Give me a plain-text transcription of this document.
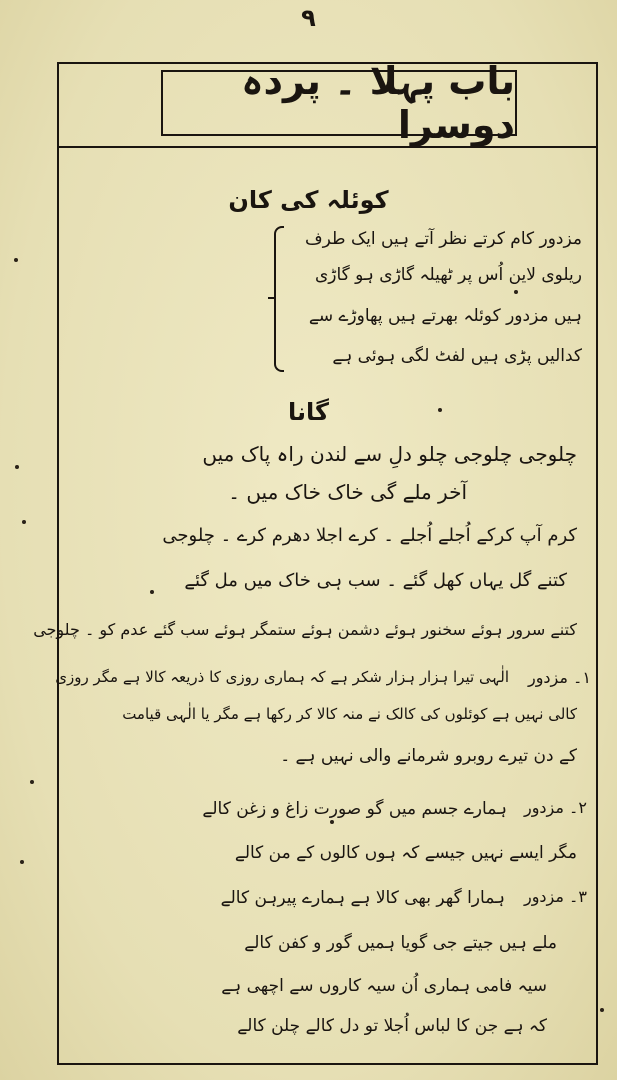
۹
باب پہلا ۔ پردہ دوسرا
کوئلہ کی کان
مزدور کام کرتے نظر آتے ہیں ایک طرف
ریلوی لاین اُس پر ٹھیلہ گاڑی ہو گاڑی
ہیں مزدور کوئلہ بھرتے ہیں پھاوڑے سے
کدالیں پڑی ہیں لفٹ لگی ہوئی ہے
گانا
چلوجی چلوجی چلو دلِ سے لندن راہ پاک میں
آخر ملے گی خاک خاک میں ۔
کرم آپ کرکے اُجلے اُجلے ۔ کرے اجلا دھرم کرے ۔ چلوجی
کتنے گل یہاں کھل گئے ۔ سب ہی خاک میں مل گئے
کتنے سرور ہوئے سخنور ہوئے دشمن ہوئے ستمگر ہوئے سب گئے عدم کو ۔ چلوجی
۱۔ مزدور
الٰہی تیرا ہزار ہزار شکر ہے کہ ہماری روزی کا ذریعہ کالا ہے مگر روزی
کالی نہیں ہے کوئلوں کی کالک نے منہ کالا کر رکھا ہے مگر یا الٰہی قیامت
کے دن تیرے روبرو شرمانے والی نہیں ہے ۔
۲۔ مزدور
ہمارے جسم میں گو صورت زاغ و زغن کالے
مگر ایسے نہیں جیسے کہ ہوں کالوں کے من کالے
۳۔ مزدور
ہمارا گھر بھی کالا ہے ہمارے پیرہن کالے
ملے ہیں جیتے جی گویا ہمیں گور و کفن کالے
سیہ فامی ہماری اُن سیہ کاروں سے اچھی ہے
کہ ہے جن کا لباس اُجلا تو دل کالے چلن کالے
